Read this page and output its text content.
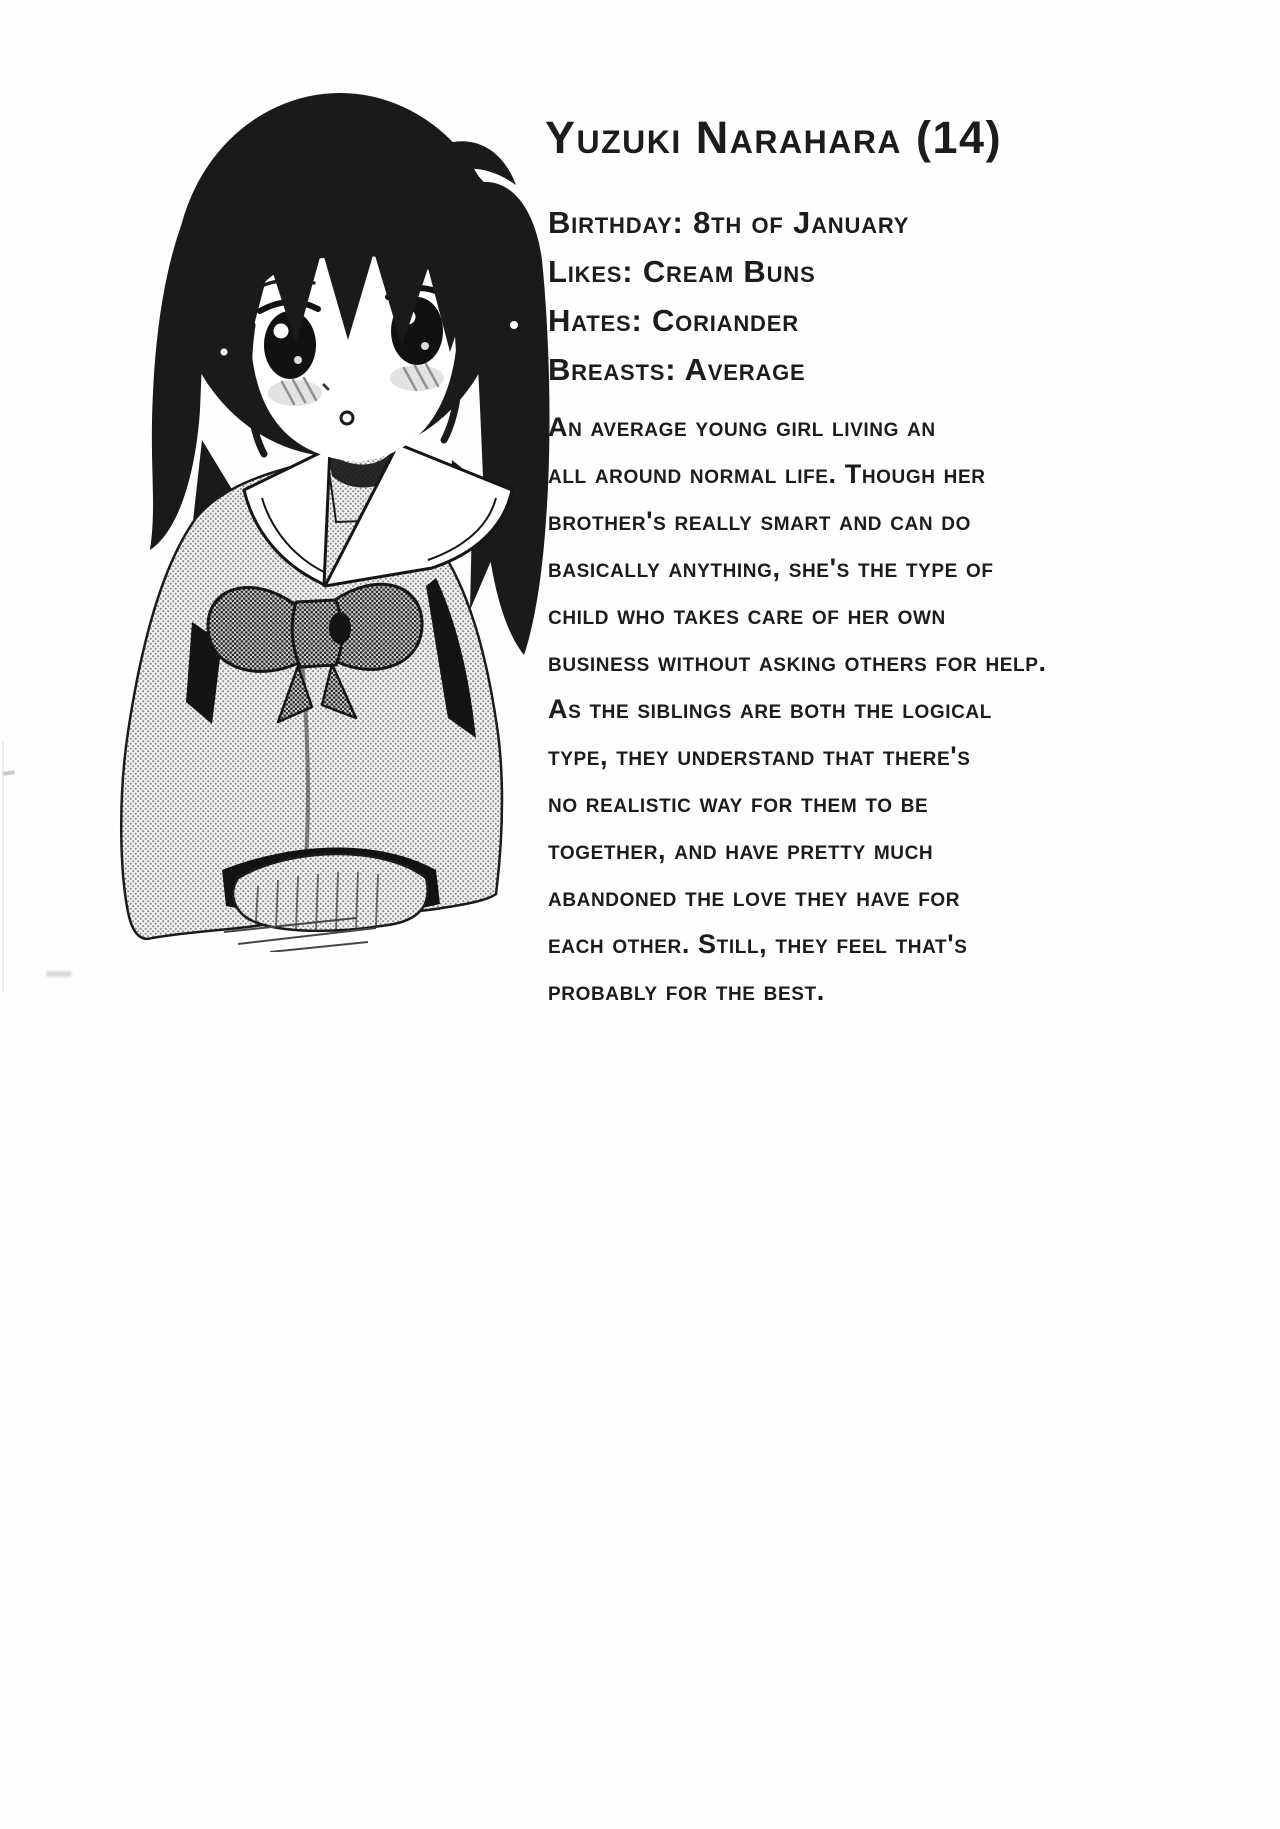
Yuzuki Narahara (14)
Birthday: 8th of January
Likes: Cream Buns
Hates: Coriander
Breasts: Average
An average young girl living an
all around normal life. Though her
brother's really smart and can do
basically anything, she's the type of
child who takes care of her own
business without asking others for help.
As the siblings are both the logical
type, they understand that there's
no realistic way for them to be
together, and have pretty much
abandoned the love they have for
each other. Still, they feel that's
probably for the best.
